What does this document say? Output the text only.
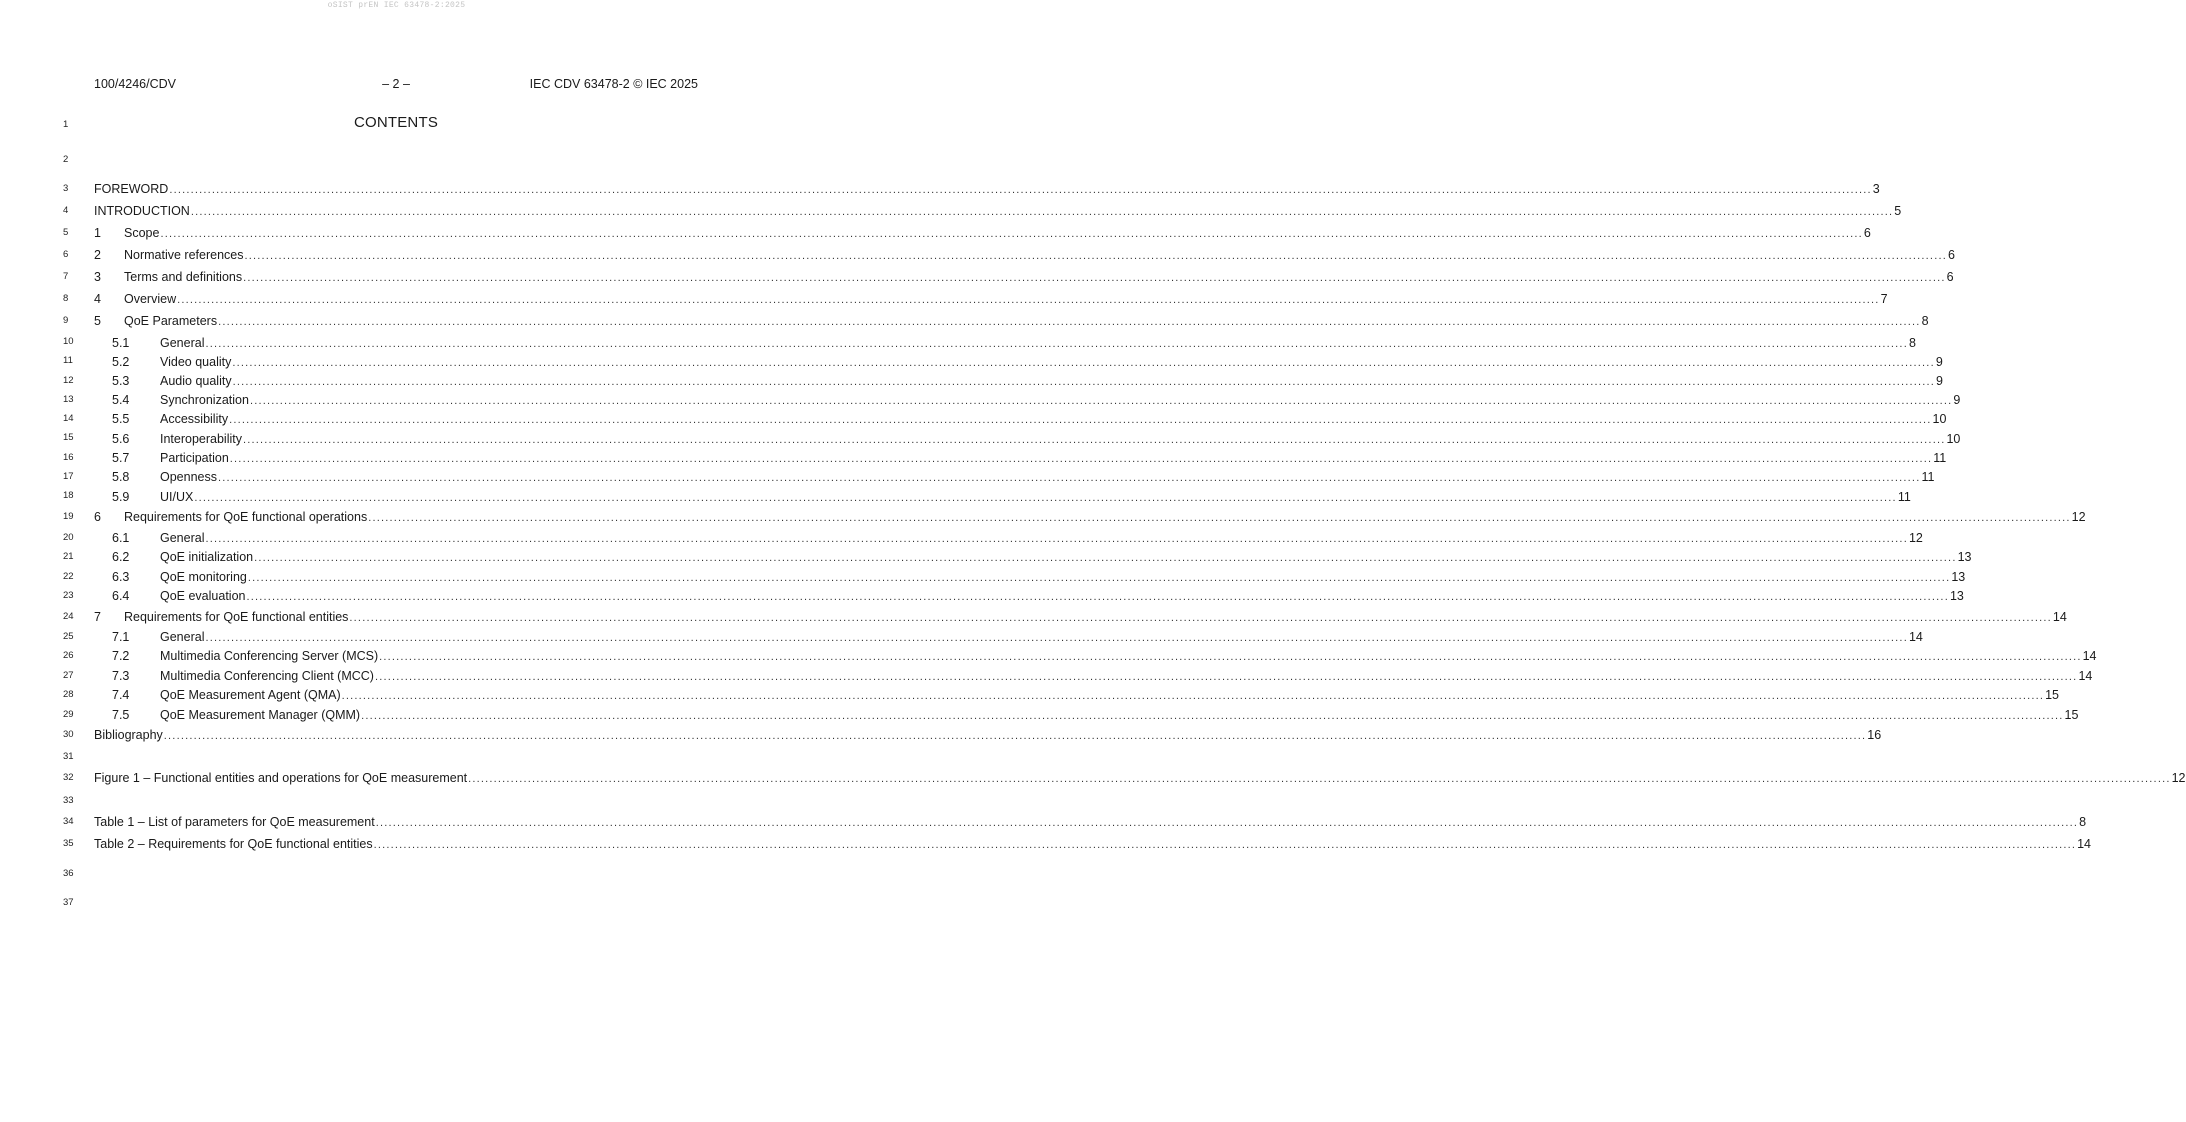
oSIST prEN IEC 63478-2:2025
100/4246/CDV	– 2 –	IEC CDV 63478-2 © IEC 2025
CONTENTS
1
2
3
4
5
6
7
8
9
10
11
12
13
14
15
16
17
18
19
20
21
22
23
24
25
26
27
28
29
30
31
32
33
34
35
36
37
FOREWORD ................................................................................................................................................................................................................................................................................................................................................................................................................ 3
INTRODUCTION ................................................................................................................................................................................................................................................................................................................................................................................................................ 5
1	Scope ................................................................................................................................................................................................................................................................................................................................................................................................................ 6
2	Normative references ................................................................................................................................................................................................................................................................................................................................................................................................................ 6
3	Terms and definitions ................................................................................................................................................................................................................................................................................................................................................................................................................ 6
4	Overview ................................................................................................................................................................................................................................................................................................................................................................................................................ 7
5	QoE Parameters ................................................................................................................................................................................................................................................................................................................................................................................................................ 8
5.1	General ................................................................................................................................................................................................................................................................................................................................................................................................................ 8
5.2	Video quality ................................................................................................................................................................................................................................................................................................................................................................................................................ 9
5.3	Audio quality ................................................................................................................................................................................................................................................................................................................................................................................................................ 9
5.4	Synchronization ................................................................................................................................................................................................................................................................................................................................................................................................................ 9
5.5	Accessibility ................................................................................................................................................................................................................................................................................................................................................................................................................ 10
5.6	Interoperability ................................................................................................................................................................................................................................................................................................................................................................................................................ 10
5.7	Participation ................................................................................................................................................................................................................................................................................................................................................................................................................ 11
5.8	Openness ................................................................................................................................................................................................................................................................................................................................................................................................................ 11
5.9	UI/UX ................................................................................................................................................................................................................................................................................................................................................................................................................ 11
6	Requirements for QoE functional operations ................................................................................................................................................................................................................................................................................................................................................................................................................ 12
6.1	General ................................................................................................................................................................................................................................................................................................................................................................................................................ 12
6.2	QoE initialization ................................................................................................................................................................................................................................................................................................................................................................................................................ 13
6.3	QoE monitoring ................................................................................................................................................................................................................................................................................................................................................................................................................ 13
6.4	QoE evaluation ................................................................................................................................................................................................................................................................................................................................................................................................................ 13
7	Requirements for QoE functional entities ................................................................................................................................................................................................................................................................................................................................................................................................................ 14
7.1	General ................................................................................................................................................................................................................................................................................................................................................................................................................ 14
7.2	Multimedia Conferencing Server (MCS) ................................................................................................................................................................................................................................................................................................................................................................................................................ 14
7.3	Multimedia Conferencing Client (MCC) ................................................................................................................................................................................................................................................................................................................................................................................................................ 14
7.4	QoE Measurement Agent (QMA) ................................................................................................................................................................................................................................................................................................................................................................................................................ 15
7.5	QoE Measurement Manager (QMM) ................................................................................................................................................................................................................................................................................................................................................................................................................ 15
Bibliography ................................................................................................................................................................................................................................................................................................................................................................................................................ 16
Figure 1 – Functional entities and operations for QoE measurement ................................................................................................................................................................................................................................................................................................................................................................................................................ 12
Table 1 – List of parameters for QoE measurement ................................................................................................................................................................................................................................................................................................................................................................................................................ 8
Table 2 – Requirements for QoE functional entities ................................................................................................................................................................................................................................................................................................................................................................................................................ 14
